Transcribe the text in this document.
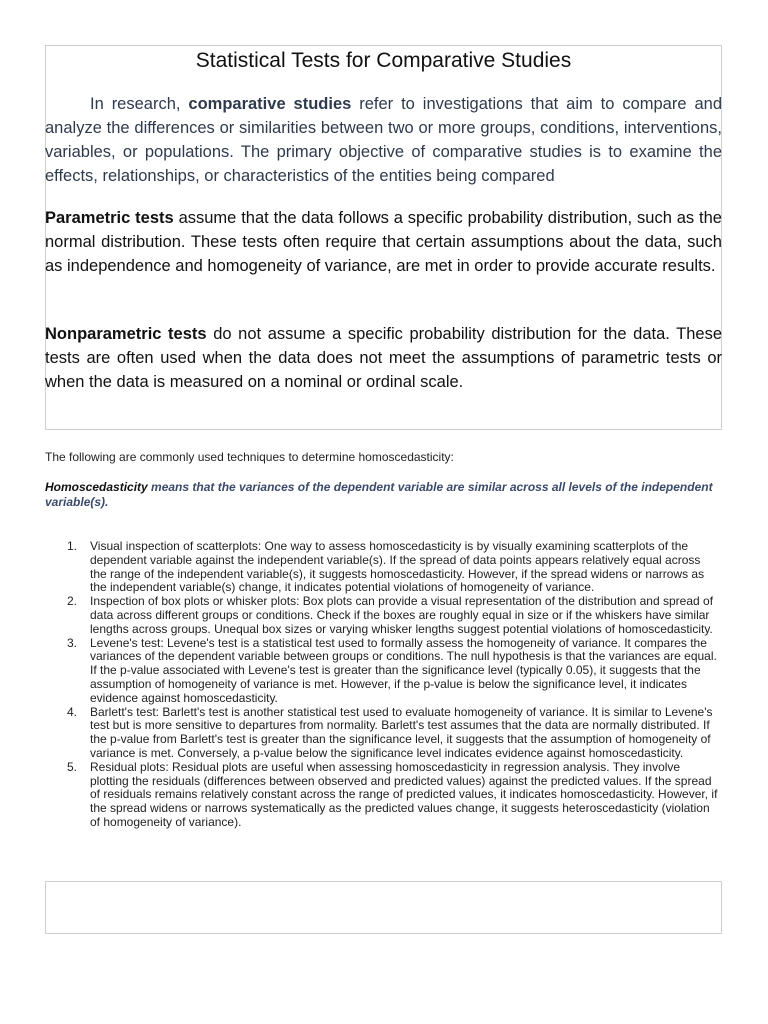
Statistical Tests for Comparative Studies

In research, comparative studies refer to investigations that aim to compare and analyze the differences or similarities between two or more groups, conditions, interventions, variables, or populations. The primary objective of comparative studies is to examine the effects, relationships, or characteristics of the entities being compared

Parametric tests assume that the data follows a specific probability distribution, such as the normal distribution. These tests often require that certain assumptions about the data, such as independence and homogeneity of variance, are met in order to provide accurate results.

Nonparametric tests do not assume a specific probability distribution for the data. These tests are often used when the data does not meet the assumptions of parametric tests or when the data is measured on a nominal or ordinal scale.

The following are commonly used techniques to determine homoscedasticity:

Homoscedasticity means that the variances of the dependent variable are similar across all levels of the independent variable(s).

1. Visual inspection of scatterplots: One way to assess homoscedasticity is by visually examining scatterplots of the dependent variable against the independent variable(s). If the spread of data points appears relatively equal across the range of the independent variable(s), it suggests homoscedasticity. However, if the spread widens or narrows as the independent variable(s) change, it indicates potential violations of homogeneity of variance.
2. Inspection of box plots or whisker plots: Box plots can provide a visual representation of the distribution and spread of data across different groups or conditions. Check if the boxes are roughly equal in size or if the whiskers have similar lengths across groups. Unequal box sizes or varying whisker lengths suggest potential violations of homoscedasticity.
3. Levene's test: Levene's test is a statistical test used to formally assess the homogeneity of variance. It compares the variances of the dependent variable between groups or conditions. The null hypothesis is that the variances are equal. If the p-value associated with Levene's test is greater than the significance level (typically 0.05), it suggests that the assumption of homogeneity of variance is met. However, if the p-value is below the significance level, it indicates evidence against homoscedasticity.
4. Barlett's test: Barlett's test is another statistical test used to evaluate homogeneity of variance. It is similar to Levene's test but is more sensitive to departures from normality. Barlett's test assumes that the data are normally distributed. If the p-value from Barlett's test is greater than the significance level, it suggests that the assumption of homogeneity of variance is met. Conversely, a p-value below the significance level indicates evidence against homoscedasticity.
5. Residual plots: Residual plots are useful when assessing homoscedasticity in regression analysis. They involve plotting the residuals (differences between observed and predicted values) against the predicted values. If the spread of residuals remains relatively constant across the range of predicted values, it indicates homoscedasticity. However, if the spread widens or narrows systematically as the predicted values change, it suggests heteroscedasticity (violation of homogeneity of variance).
